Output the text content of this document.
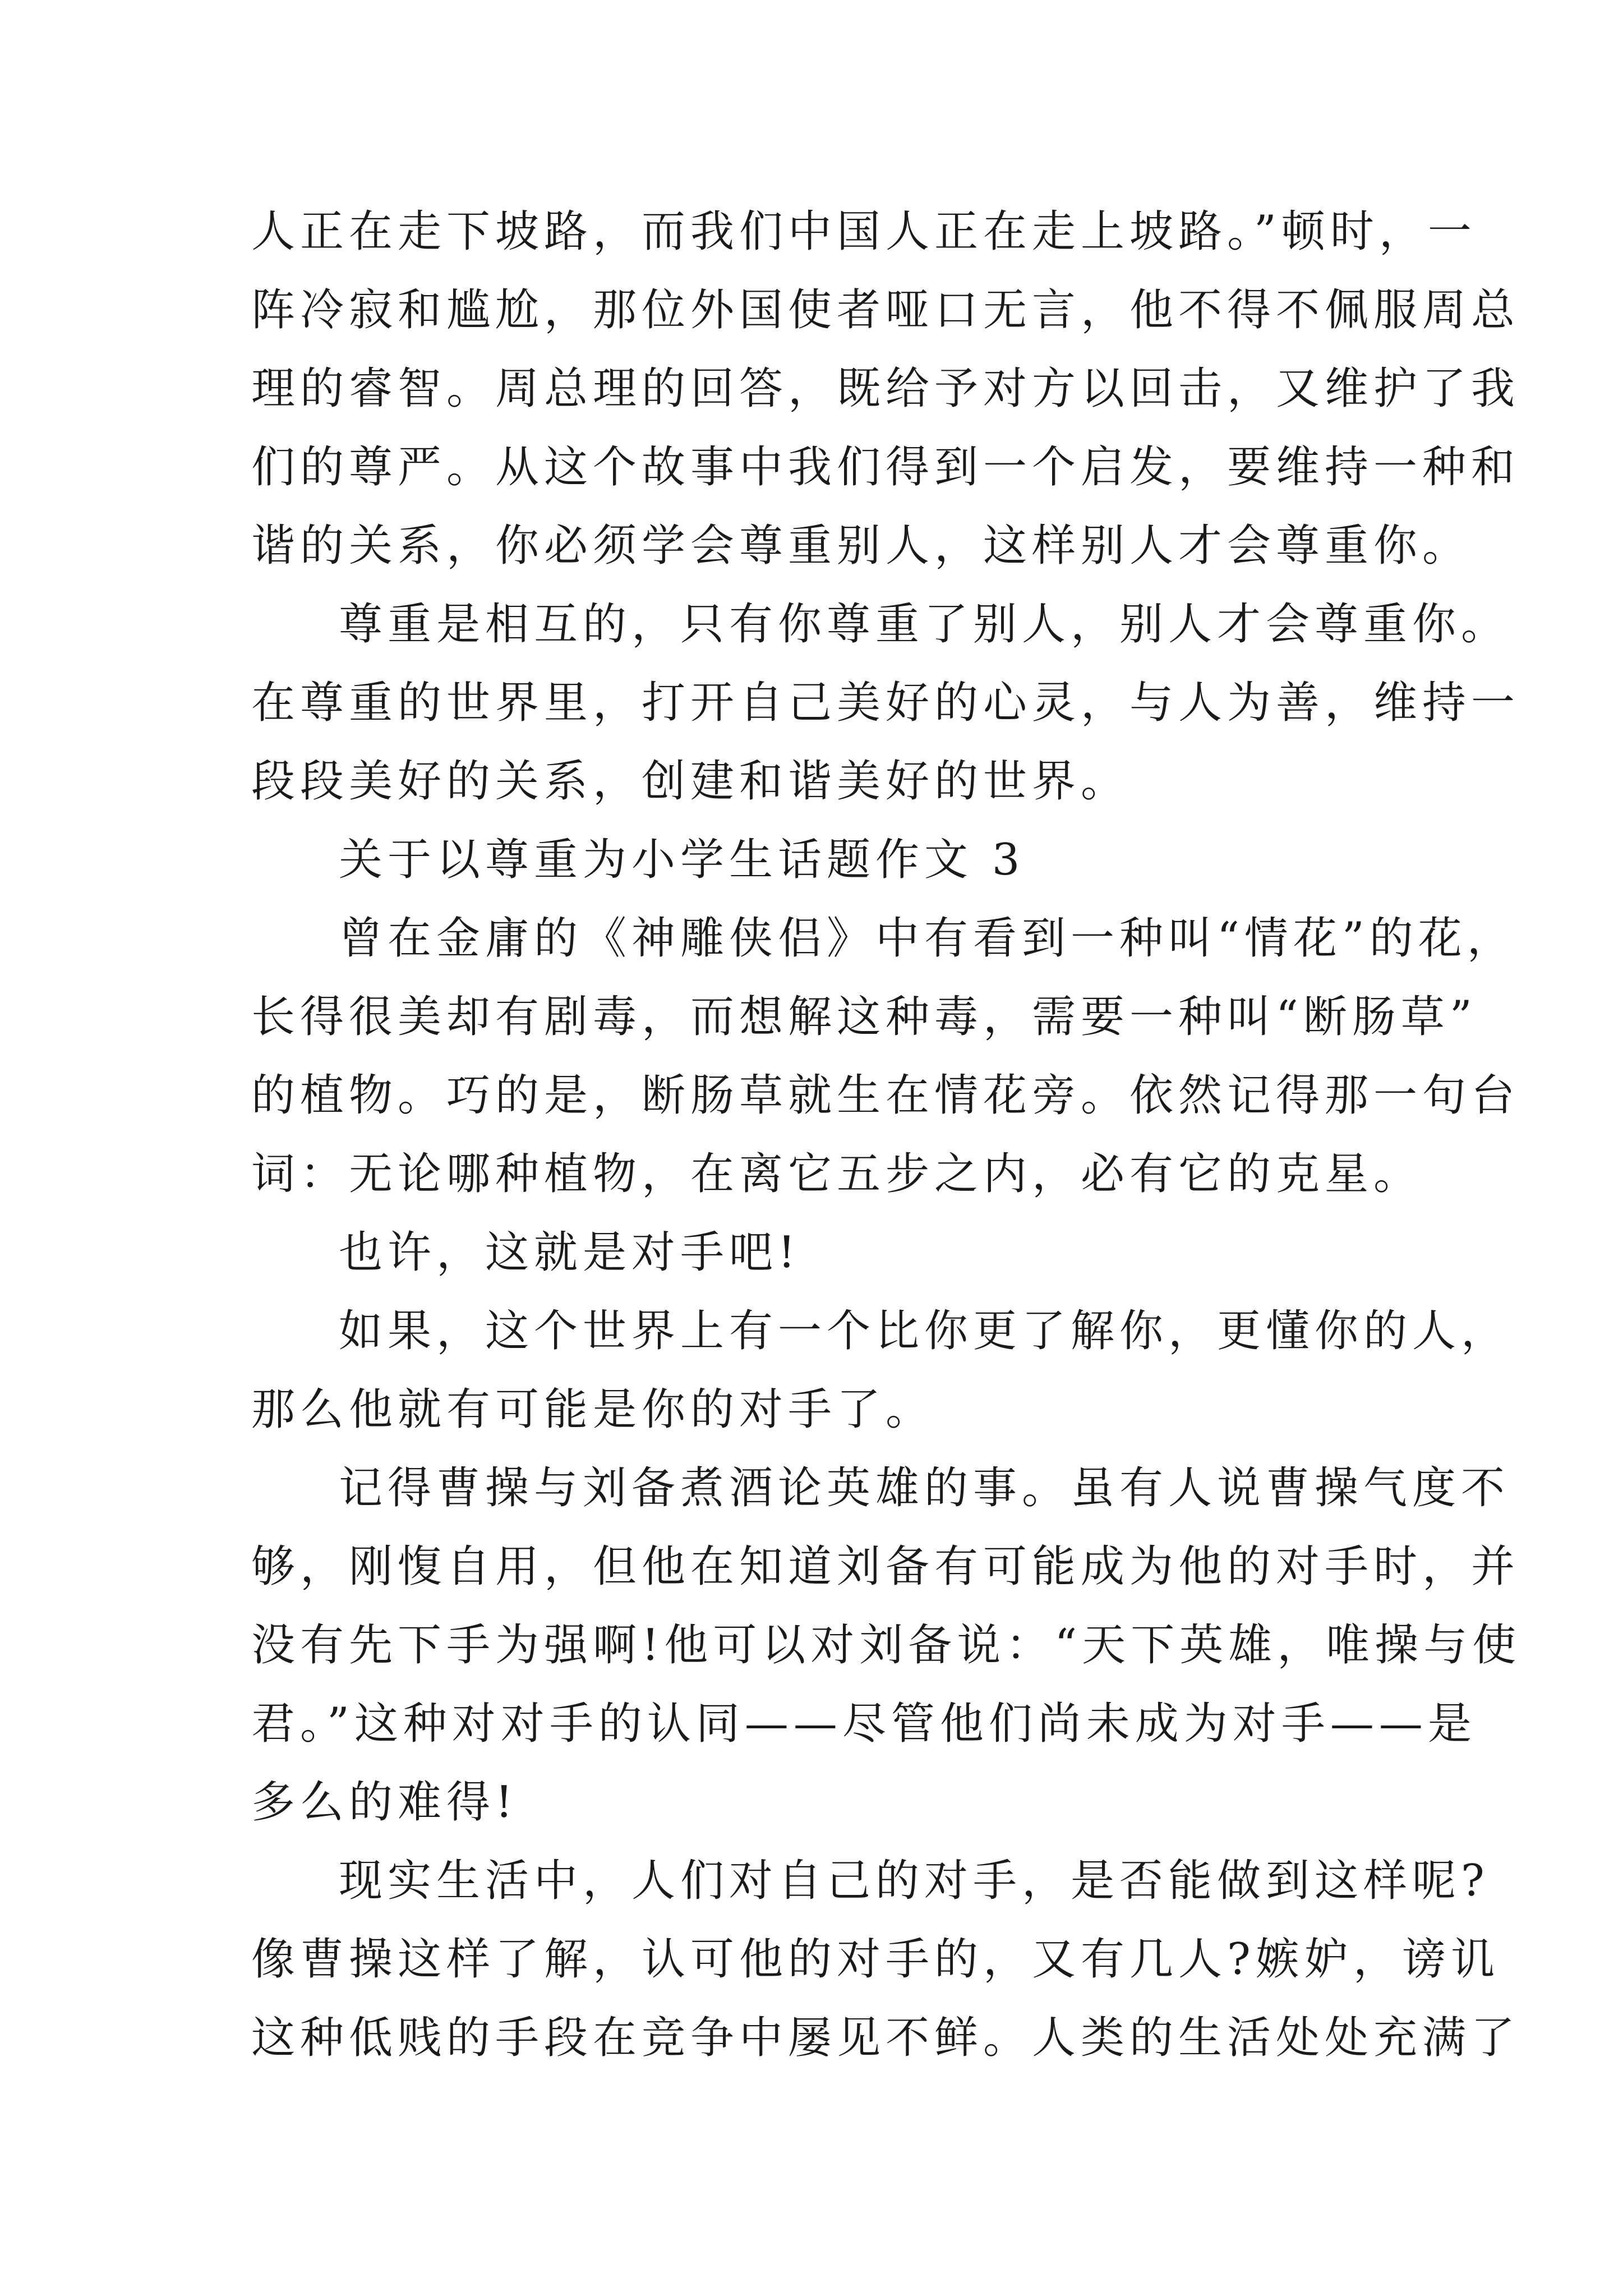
人正在走下坡路，而我们中国人正在走上坡路。”顿时，一
阵冷寂和尴尬，那位外国使者哑口无言，他不得不佩服周总
理的睿智。周总理的回答，既给予对方以回击，又维护了我
们的尊严。从这个故事中我们得到一个启发，要维持一种和
谐的关系，你必须学会尊重别人，这样别人才会尊重你。
尊重是相互的，只有你尊重了别人，别人才会尊重你。
在尊重的世界里，打开自己美好的心灵，与人为善，维持一
段段美好的关系，创建和谐美好的世界。
关于以尊重为小学生话题作文 3
曾在金庸的《神雕侠侣》中有看到一种叫“情花”的花，
长得很美却有剧毒，而想解这种毒，需要一种叫“断肠草”
的植物。巧的是，断肠草就生在情花旁。依然记得那一句台
词：无论哪种植物，在离它五步之内，必有它的克星。
也许，这就是对手吧!
如果，这个世界上有一个比你更了解你，更懂你的人，
那么他就有可能是你的对手了。
记得曹操与刘备煮酒论英雄的事。虽有人说曹操气度不
够，刚愎自用，但他在知道刘备有可能成为他的对手时，并
没有先下手为强啊!他可以对刘备说：“天下英雄，唯操与使
君。”这种对对手的认同——尽管他们尚未成为对手——是
多么的难得!
现实生活中，人们对自己的对手，是否能做到这样呢?
像曹操这样了解，认可他的对手的，又有几人?嫉妒，谤讥
这种低贱的手段在竞争中屡见不鲜。人类的生活处处充满了
